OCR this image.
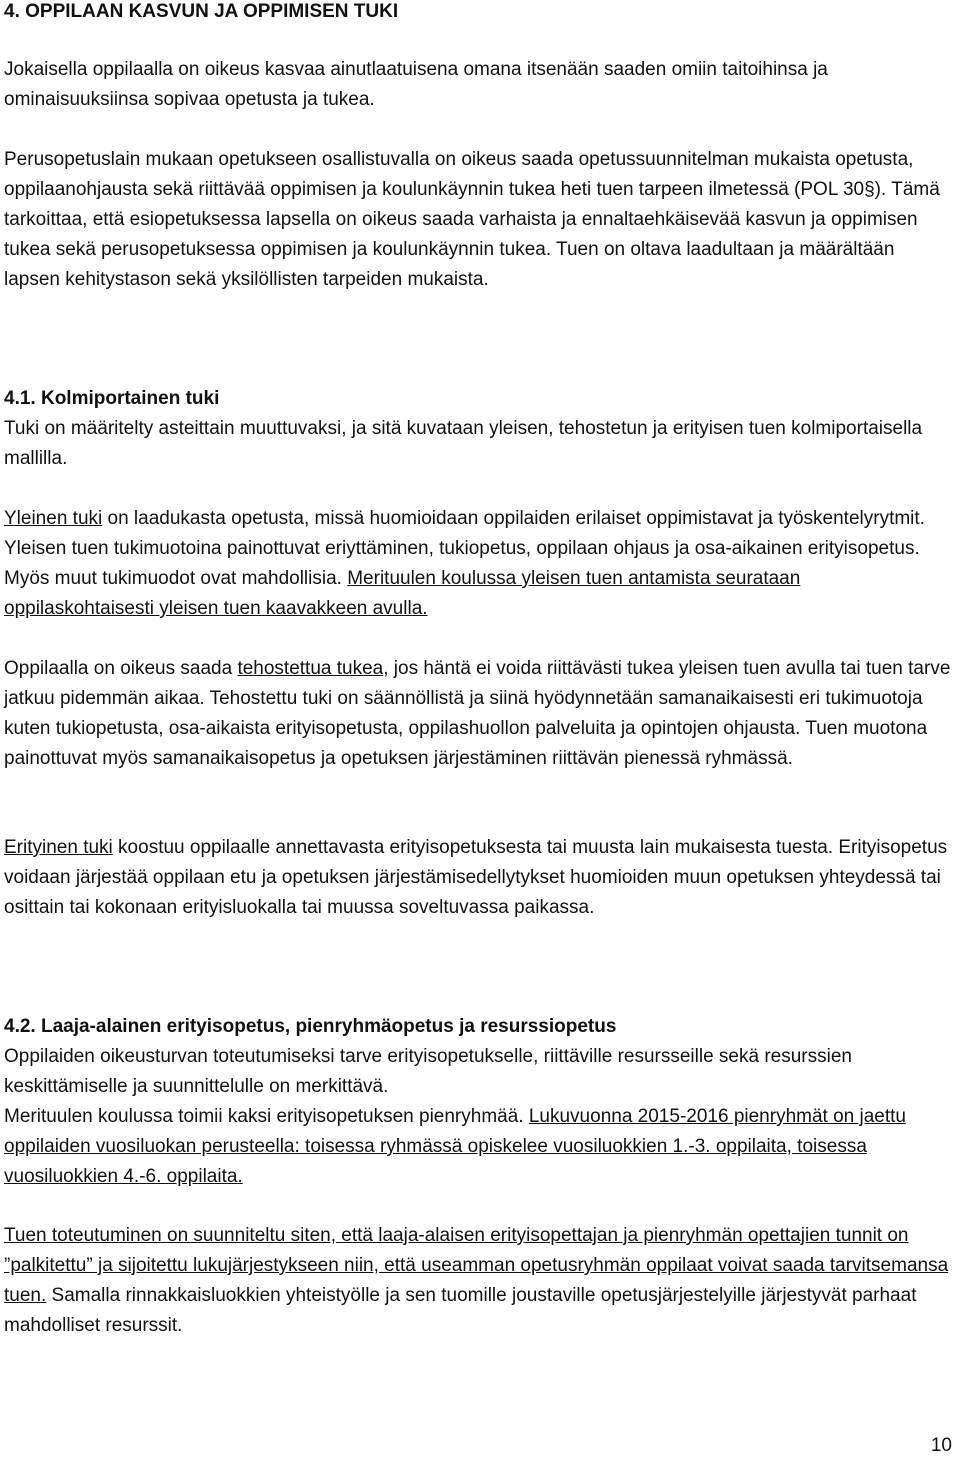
4. OPPILAAN KASVUN JA OPPIMISEN TUKI

Jokaisella oppilaalla on oikeus kasvaa ainutlaatuisena omana itsenään saaden omiin taitoihinsa ja ominaisuuksiinsa sopivaa opetusta ja tukea.

Perusopetuslain mukaan opetukseen osallistuvalla on oikeus saada opetussuunnitelman mukaista opetusta, oppilaanohjausta sekä riittävää oppimisen ja koulunkäynnin tukea heti tuen tarpeen ilmetessä (POL 30§). Tämä tarkoittaa, että esiopetuksessa lapsella on oikeus saada varhaista ja ennaltaehkäisevää kasvun ja oppimisen tukea sekä perusopetuksessa oppimisen ja koulunkäynnin tukea. Tuen on oltava laadultaan ja määrältään lapsen kehitystason sekä yksilöllisten tarpeiden mukaista.

4.1. Kolmiportainen tuki

Tuki on määritelty asteittain muuttuvaksi, ja sitä kuvataan yleisen, tehostetun ja erityisen tuen kolmiportaisella mallilla.

Yleinen tuki on laadukasta opetusta, missä huomioidaan oppilaiden erilaiset oppimistavat ja työskentelyrytmit. Yleisen tuen tukimuotoina painottuvat eriyttäminen, tukiopetus, oppilaan ohjaus ja osa-aikainen erityisopetus. Myös muut tukimuodot ovat mahdollisia. Merituulen koulussa yleisen tuen antamista seurataan oppilaskohtaisesti yleisen tuen kaavakkeen avulla.

Oppilaalla on oikeus saada tehostettua tukea, jos häntä ei voida riittävästi tukea yleisen tuen avulla tai tuen tarve jatkuu pidemmän aikaa. Tehostettu tuki on säännöllistä ja siinä hyödynnetään samanaikaisesti eri tukimuotoja kuten tukiopetusta, osa-aikaista erityisopetusta, oppilashuollon palveluita ja opintojen ohjausta. Tuen muotona painottuvat myös samanaikaisopetus ja opetuksen järjestäminen riittävän pienessä ryhmässä.

Erityinen tuki koostuu oppilaalle annettavasta erityisopetuksesta tai muusta lain mukaisesta tuesta. Erityisopetus voidaan järjestää oppilaan etu ja opetuksen järjestämisedellytykset huomioiden muun opetuksen yhteydessä tai osittain tai kokonaan erityisluokalla tai muussa soveltuvassa paikassa.

4.2. Laaja-alainen erityisopetus, pienryhmäopetus ja resurssiopetus

Oppilaiden oikeusturvan toteutumiseksi tarve erityisopetukselle, riittäville resursseille sekä resurssien keskittämiselle ja suunnittelulle on merkittävä.

Merituulen koulussa toimii kaksi erityisopetuksen pienryhmää. Lukuvuonna 2015-2016 pienryhmät on jaettu oppilaiden vuosiluokan perusteella: toisessa ryhmässä opiskelee vuosiluokkien 1.-3. oppilaita, toisessa vuosiluokkien 4.-6. oppilaita.

Tuen toteutuminen on suunniteltu siten, että laaja-alaisen erityisopettajan ja pienryhmän opettajien tunnit on ”palkitettu” ja sijoitettu lukujärjestykseen niin, että useamman opetusryhmän oppilaat voivat saada tarvitsemansa tuen. Samalla rinnakkaisluokkien yhteistyölle ja sen tuomille joustaville opetusjärjestelyille järjestyvät parhaat mahdolliset resurssit.

10
